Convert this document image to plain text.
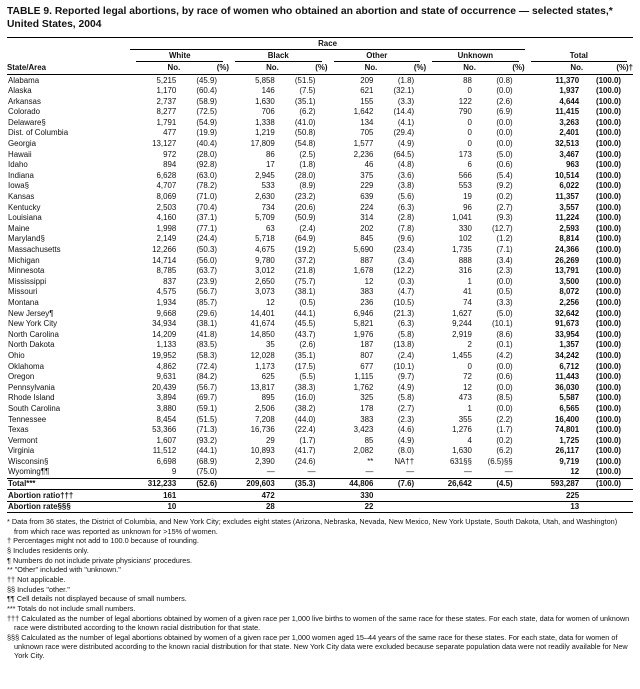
TABLE 9. Reported legal abortions, by race of women who obtained an abortion and state of occurrence — selected states,* United States, 2004
	Race									

	White		Black		Other		Unknown		Total	

State/Area	No.	(%)	No.	(%)	No.	(%)	No.	(%)	No.	(%)†
Alabama	5,215	(45.9)	5,858	(51.5)	209	(1.8)	88	(0.8)	11,370	(100.0)
Alaska	1,170	(60.4)	146	(7.5)	621	(32.1)	0	(0.0)	1,937	(100.0)
Arkansas	2,737	(58.9)	1,630	(35.1)	155	(3.3)	122	(2.6)	4,644	(100.0)
Colorado	8,277	(72.5)	706	(6.2)	1,642	(14.4)	790	(6.9)	11,415	(100.0)
Delaware§	1,791	(54.9)	1,338	(41.0)	134	(4.1)	0	(0.0)	3,263	(100.0)
Dist. of Columbia	477	(19.9)	1,219	(50.8)	705	(29.4)	0	(0.0)	2,401	(100.0)
Georgia	13,127	(40.4)	17,809	(54.8)	1,577	(4.9)	0	(0.0)	32,513	(100.0)
Hawaii	972	(28.0)	86	(2.5)	2,236	(64.5)	173	(5.0)	3,467	(100.0)
Idaho	894	(92.8)	17	(1.8)	46	(4.8)	6	(0.6)	963	(100.0)
Indiana	6,628	(63.0)	2,945	(28.0)	375	(3.6)	566	(5.4)	10,514	(100.0)
Iowa§	4,707	(78.2)	533	(8.9)	229	(3.8)	553	(9.2)	6,022	(100.0)
Kansas	8,069	(71.0)	2,630	(23.2)	639	(5.6)	19	(0.2)	11,357	(100.0)
Kentucky	2,503	(70.4)	734	(20.6)	224	(6.3)	96	(2.7)	3,557	(100.0)
Louisiana	4,160	(37.1)	5,709	(50.9)	314	(2.8)	1,041	(9.3)	11,224	(100.0)
Maine	1,998	(77.1)	63	(2.4)	202	(7.8)	330	(12.7)	2,593	(100.0)
Maryland§	2,149	(24.4)	5,718	(64.9)	845	(9.6)	102	(1.2)	8,814	(100.0)
Massachusetts	12,266	(50.3)	4,675	(19.2)	5,690	(23.4)	1,735	(7.1)	24,366	(100.0)
Michigan	14,714	(56.0)	9,780	(37.2)	887	(3.4)	888	(3.4)	26,269	(100.0)
Minnesota	8,785	(63.7)	3,012	(21.8)	1,678	(12.2)	316	(2.3)	13,791	(100.0)
Mississippi	837	(23.9)	2,650	(75.7)	12	(0.3)	1	(0.0)	3,500	(100.0)
Missouri	4,575	(56.7)	3,073	(38.1)	383	(4.7)	41	(0.5)	8,072	(100.0)
Montana	1,934	(85.7)	12	(0.5)	236	(10.5)	74	(3.3)	2,256	(100.0)
New Jersey¶	9,668	(29.6)	14,401	(44.1)	6,946	(21.3)	1,627	(5.0)	32,642	(100.0)
New York City	34,934	(38.1)	41,674	(45.5)	5,821	(6.3)	9,244	(10.1)	91,673	(100.0)
North Carolina	14,209	(41.8)	14,850	(43.7)	1,976	(5.8)	2,919	(8.6)	33,954	(100.0)
North Dakota	1,133	(83.5)	35	(2.6)	187	(13.8)	2	(0.1)	1,357	(100.0)
Ohio	19,952	(58.3)	12,028	(35.1)	807	(2.4)	1,455	(4.2)	34,242	(100.0)
Oklahoma	4,862	(72.4)	1,173	(17.5)	677	(10.1)	0	(0.0)	6,712	(100.0)
Oregon	9,631	(84.2)	625	(5.5)	1,115	(9.7)	72	(0.6)	11,443	(100.0)
Pennsylvania	20,439	(56.7)	13,817	(38.3)	1,762	(4.9)	12	(0.0)	36,030	(100.0)
Rhode Island	3,894	(69.7)	895	(16.0)	325	(5.8)	473	(8.5)	5,587	(100.0)
South Carolina	3,880	(59.1)	2,506	(38.2)	178	(2.7)	1	(0.0)	6,565	(100.0)
Tennessee	8,454	(51.5)	7,208	(44.0)	383	(2.3)	355	(2.2)	16,400	(100.0)
Texas	53,366	(71.3)	16,736	(22.4)	3,423	(4.6)	1,276	(1.7)	74,801	(100.0)
Vermont	1,607	(93.2)	29	(1.7)	85	(4.9)	4	(0.2)	1,725	(100.0)
Virginia	11,512	(44.1)	10,893	(41.7)	2,082	(8.0)	1,630	(6.2)	26,117	(100.0)
Wisconsin§	6,698	(68.9)	2,390	(24.6)	**	NA††	631§§	(6.5)§§	9,719	(100.0)
Wyoming¶¶	9	(75.0)	—	—	—	—	—	—	12	(100.0)
Total***	312,233	(52.6)	209,603	(35.3)	44,806	(7.6)	26,642	(4.5)	593,287	(100.0)
Abortion ratio†††	161		472		330				225	
Abortion rate§§§	10		28		22				13	
* Data from 36 states, the District of Columbia, and New York City; excludes eight states (Arizona, Nebraska, Nevada, New Mexico, New York Upstate, South Dakota, Utah, and Washington) from which race was reported as unknown for >15% of women.
† Percentages might not add to 100.0 because of rounding.
§ Includes residents only.
¶ Numbers do not include private physicians' procedures.
** "Other" included with "unknown."
†† Not applicable.
§§ Includes "other."
¶¶ Cell details not displayed because of small numbers.
*** Totals do not include small numbers.
††† Calculated as the number of legal abortions obtained by women of a given race per 1,000 live births to women of the same race for these states. For each state, data for women of unknown race were distributed according to the known racial distribution for that state.
§§§ Calculated as the number of legal abortions obtained by women of a given race per 1,000 women aged 15–44 years of the same race for these states. For each state, data for women of unknown race were distributed according to the known racial distribution for that state. New York City data were excluded because separate population data were not readily available for New York City.
